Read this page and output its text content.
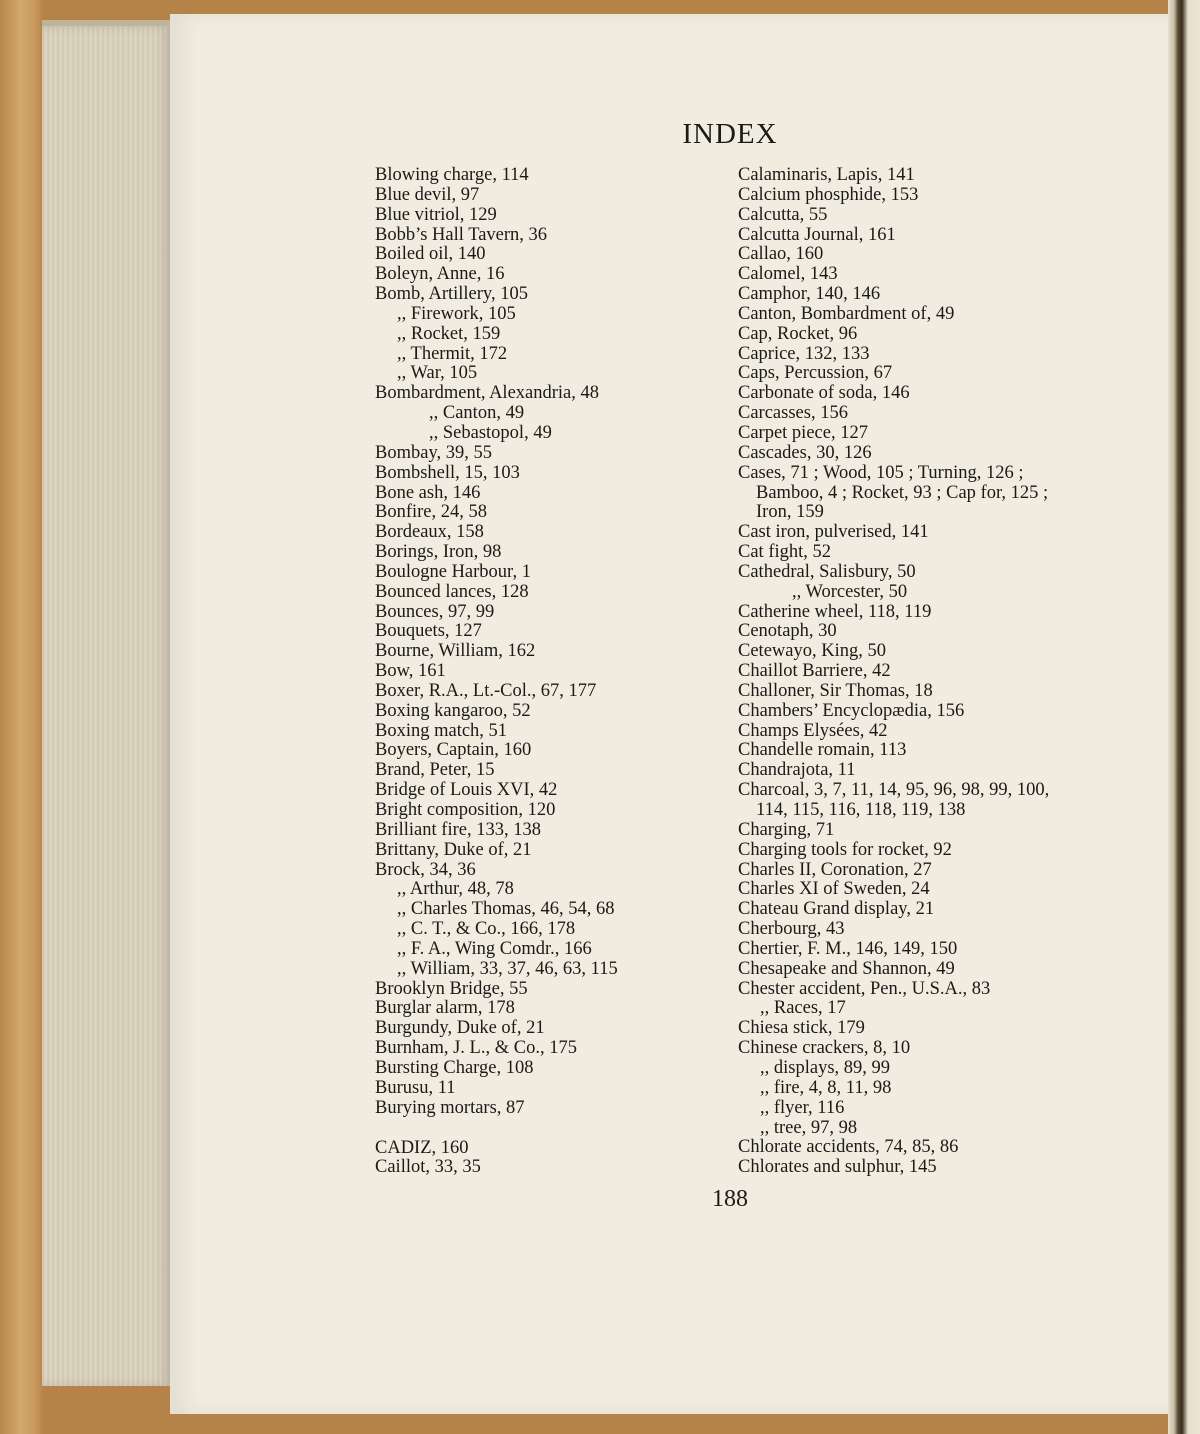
INDEX
Blowing charge, 114
Blue devil, 97
Blue vitriol, 129
Bobb’s Hall Tavern, 36
Boiled oil, 140
Boleyn, Anne, 16
Bomb, Artillery, 105
,, Firework, 105
,, Rocket, 159
,, Thermit, 172
,, War, 105
Bombardment, Alexandria, 48
,, Canton, 49
,, Sebastopol, 49
Bombay, 39, 55
Bombshell, 15, 103
Bone ash, 146
Bonfire, 24, 58
Bordeaux, 158
Borings, Iron, 98
Boulogne Harbour, 1
Bounced lances, 128
Bounces, 97, 99
Bouquets, 127
Bourne, William, 162
Bow, 161
Boxer, R.A., Lt.-Col., 67, 177
Boxing kangaroo, 52
Boxing match, 51
Boyers, Captain, 160
Brand, Peter, 15
Bridge of Louis XVI, 42
Bright composition, 120
Brilliant fire, 133, 138
Brittany, Duke of, 21
Brock, 34, 36
,, Arthur, 48, 78
,, Charles Thomas, 46, 54, 68
,, C. T., & Co., 166, 178
,, F. A., Wing Comdr., 166
,, William, 33, 37, 46, 63, 115
Brooklyn Bridge, 55
Burglar alarm, 178
Burgundy, Duke of, 21
Burnham, J. L., & Co., 175
Bursting Charge, 108
Burusu, 11
Burying mortars, 87
CADIZ, 160
Caillot, 33, 35
Calaminaris, Lapis, 141
Calcium phosphide, 153
Calcutta, 55
Calcutta Journal, 161
Callao, 160
Calomel, 143
Camphor, 140, 146
Canton, Bombardment of, 49
Cap, Rocket, 96
Caprice, 132, 133
Caps, Percussion, 67
Carbonate of soda, 146
Carcasses, 156
Carpet piece, 127
Cascades, 30, 126
Cases, 71 ; Wood, 105 ; Turning, 126 ;
Bamboo, 4 ; Rocket, 93 ; Cap for, 125 ;
Iron, 159
Cast iron, pulverised, 141
Cat fight, 52
Cathedral, Salisbury, 50
,, Worcester, 50
Catherine wheel, 118, 119
Cenotaph, 30
Cetewayo, King, 50
Chaillot Barriere, 42
Challoner, Sir Thomas, 18
Chambers’ Encyclopædia, 156
Champs Elysées, 42
Chandelle romain, 113
Chandrajota, 11
Charcoal, 3, 7, 11, 14, 95, 96, 98, 99, 100,
114, 115, 116, 118, 119, 138
Charging, 71
Charging tools for rocket, 92
Charles II, Coronation, 27
Charles XI of Sweden, 24
Chateau Grand display, 21
Cherbourg, 43
Chertier, F. M., 146, 149, 150
Chesapeake and Shannon, 49
Chester accident, Pen., U.S.A., 83
,, Races, 17
Chiesa stick, 179
Chinese crackers, 8, 10
,, displays, 89, 99
,, fire, 4, 8, 11, 98
,, flyer, 116
,, tree, 97, 98
Chlorate accidents, 74, 85, 86
Chlorates and sulphur, 145
188
